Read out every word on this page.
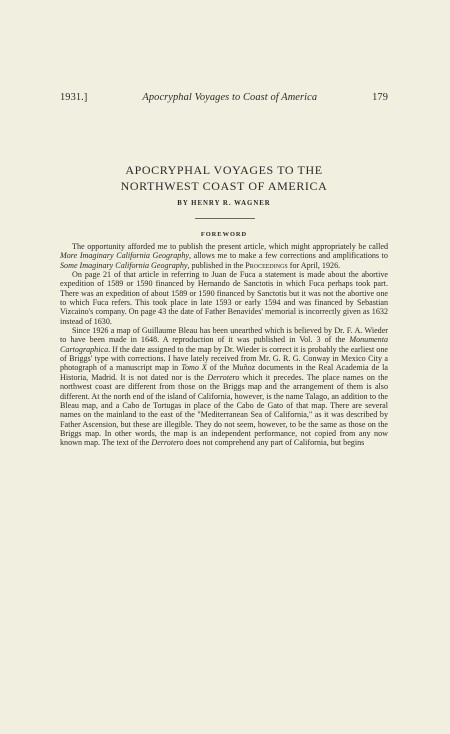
1931.]	Apocryphal Voyages to Coast of America	179
APOCRYPHAL VOYAGES TO THE
NORTHWEST COAST OF AMERICA
BY HENRY R. WAGNER
FOREWORD

The opportunity afforded me to publish the present article, which might appropriately be called More Imaginary California Geography, allows me to make a few corrections and amplifications to Some Imaginary California Geography, published in the Proceedings for April, 1926.

On page 21 of that article in referring to Juan de Fuca a statement is made about the abortive expedition of 1589 or 1590 financed by Hernando de Sanctotis in which Fuca perhaps took part. There was an expedition of about 1589 or 1590 financed by Sanctotis but it was not the abortive one to which Fuca refers. This took place in late 1593 or early 1594 and was financed by Sebastian Vizcaino's company. On page 43 the date of Father Benavides' memorial is incorrectly given as 1632 instead of 1630.

Since 1926 a map of Guillaume Bleau has been unearthed which is believed by Dr. F. A. Wieder to have been made in 1648. A reproduction of it was published in Vol. 3 of the Monumenta Cartographica. If the date assigned to the map by Dr. Wieder is correct it is probably the earliest one of Briggs' type with corrections. I have lately received from Mr. G. R. G. Conway in Mexico City a photograph of a manuscript map in Tomo X of the Muñoz documents in the Real Academia de la Historia, Madrid. It is not dated nor is the Derrotero which it precedes. The place names on the northwest coast are different from those on the Briggs map and the arrangement of them is also different. At the north end of the island of California, however, is the name Talago, an addition to the Bleau map, and a Cabo de Tortugas in place of the Cabo de Gato of that map. There are several names on the mainland to the east of the "Mediterranean Sea of California," as it was described by Father Ascension, but these are illegible. They do not seem, however, to be the same as those on the Briggs map. In other words, the map is an independent performance, not copied from any now known map. The text of the Derrotero does not comprehend any part of California, but begins
